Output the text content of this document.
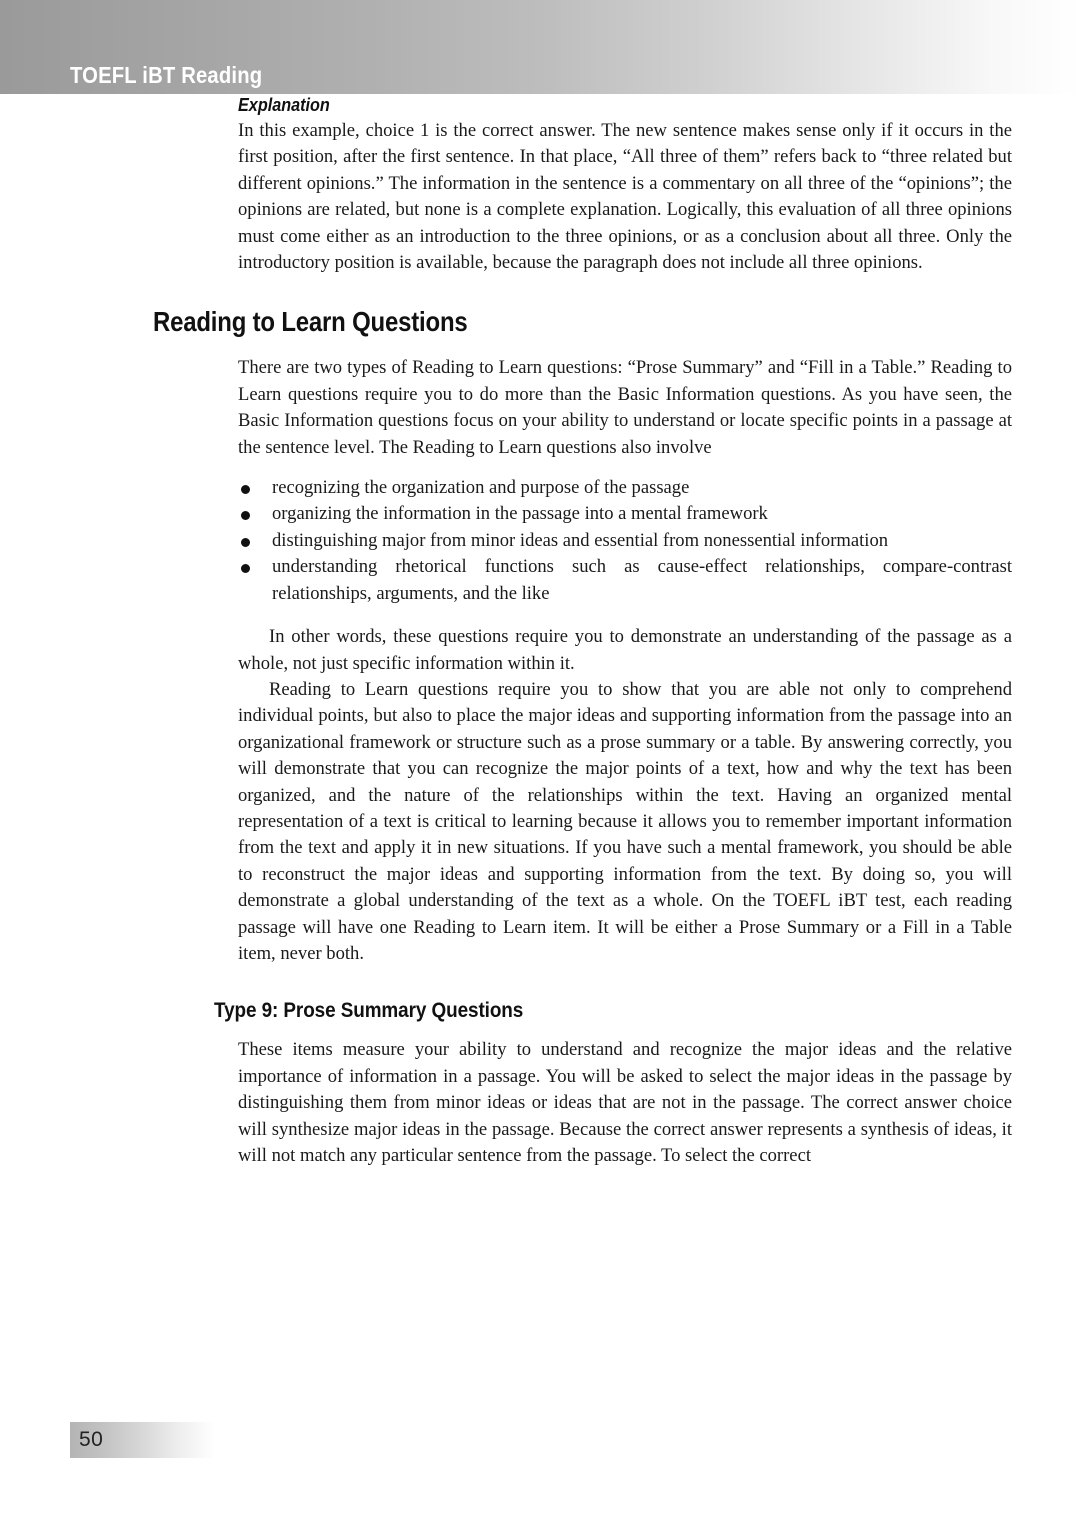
TOEFL iBT Reading
Explanation

In this example, choice 1 is the correct answer. The new sentence makes sense only if it occurs in the first position, after the first sentence. In that place, “All three of them” refers back to “three related but different opinions.” The information in the sentence is a commentary on all three of the “opinions”; the opinions are related, but none is a complete explanation. Logically, this evaluation of all three opinions must come either as an introduction to the three opinions, or as a conclusion about all three. Only the introductory position is available, because the paragraph does not include all three opinions.

Reading to Learn Questions

There are two types of Reading to Learn questions: “Prose Summary” and “Fill in a Table.” Reading to Learn questions require you to do more than the Basic Information questions. As you have seen, the Basic Information questions focus on your ability to understand or locate specific points in a passage at the sentence level. The Reading to Learn questions also involve

recognizing the organization and purpose of the passage
organizing the information in the passage into a mental framework
distinguishing major from minor ideas and essential from nonessential information
understanding rhetorical functions such as cause-effect relationships, compare-contrast relationships, arguments, and the like

In other words, these questions require you to demonstrate an understanding of the passage as a whole, not just specific information within it.

Reading to Learn questions require you to show that you are able not only to comprehend individual points, but also to place the major ideas and supporting information from the passage into an organizational framework or structure such as a prose summary or a table. By answering correctly, you will demonstrate that you can recognize the major points of a text, how and why the text has been organized, and the nature of the relationships within the text. Having an organized mental representation of a text is critical to learning because it allows you to remember important information from the text and apply it in new situations. If you have such a mental framework, you should be able to reconstruct the major ideas and supporting information from the text. By doing so, you will demonstrate a global understanding of the text as a whole. On the TOEFL iBT test, each reading passage will have one Reading to Learn item. It will be either a Prose Summary or a Fill in a Table item, never both.

Type 9: Prose Summary Questions

These items measure your ability to understand and recognize the major ideas and the relative importance of information in a passage. You will be asked to select the major ideas in the passage by distinguishing them from minor ideas or ideas that are not in the passage. The correct answer choice will synthesize major ideas in the passage. Because the correct answer represents a synthesis of ideas, it will not match any particular sentence from the passage. To select the correct

50
